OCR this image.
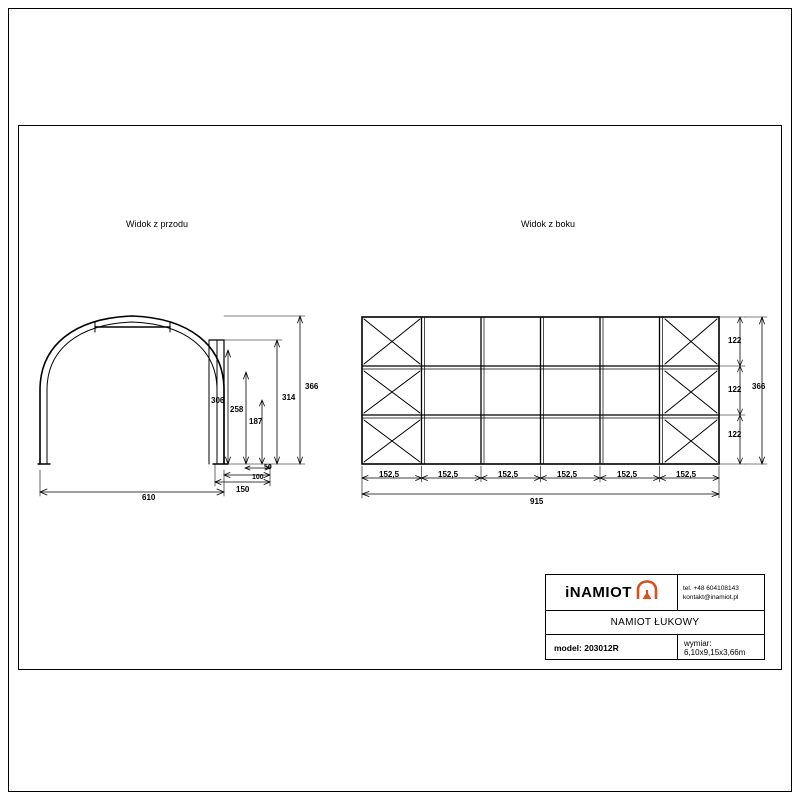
Widok z przodu	Widok z boku
610
366
314
306
258
187
150
100
50
152,5	152,5	152,5	152,5	152,5	152,5
915
122
122
122
366
iNAMIOT	tel. +48 604108143
kontakt@inamiot.pl
NAMIOT ŁUKOWY
model: 203012R	wymiar: 6,10x9,15x3,66m
